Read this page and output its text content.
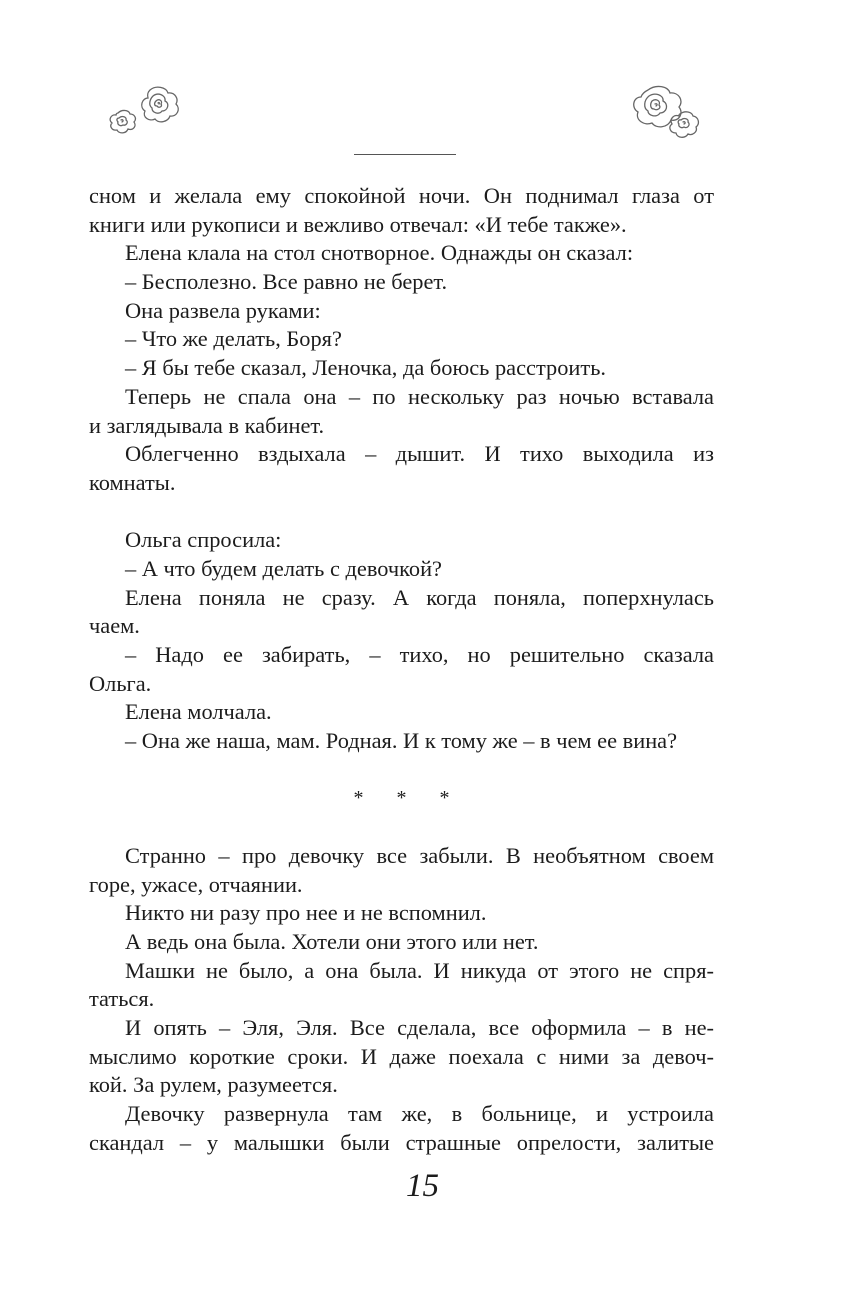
сном и желала ему спокойной ночи. Он поднимал глаза от
книги или рукописи и вежливо отвечал: «И тебе также».
Елена клала на стол снотворное. Однажды он сказал:
– Бесполезно. Все равно не берет.
Она развела руками:
– Что же делать, Боря?
– Я бы тебе сказал, Леночка, да боюсь расстроить.
Теперь не спала она – по нескольку раз ночью вставала
и заглядывала в кабинет.
Облегченно вздыхала – дышит. И тихо выходила из
комнаты.
Ольга спросила:
– А что будем делать с девочкой?
Елена поняла не сразу. А когда поняла, поперхнулась
чаем.
– Надо ее забирать, – тихо, но решительно сказала
Ольга.
Елена молчала.
– Она же наша, мам. Родная. И к тому же – в чем ее вина?
* * *
Странно – про девочку все забыли. В необъятном своем
горе, ужасе, отчаянии.
Никто ни разу про нее и не вспомнил.
А ведь она была. Хотели они этого или нет.
Машки не было, а она была. И никуда от этого не спря-
таться.
И опять – Эля, Эля. Все сделала, все оформила – в не-
мыслимо короткие сроки. И даже поехала с ними за девоч-
кой. За рулем, разумеется.
Девочку развернула там же, в больнице, и устроила
скандал – у малышки были страшные опрелости, залитые
15
